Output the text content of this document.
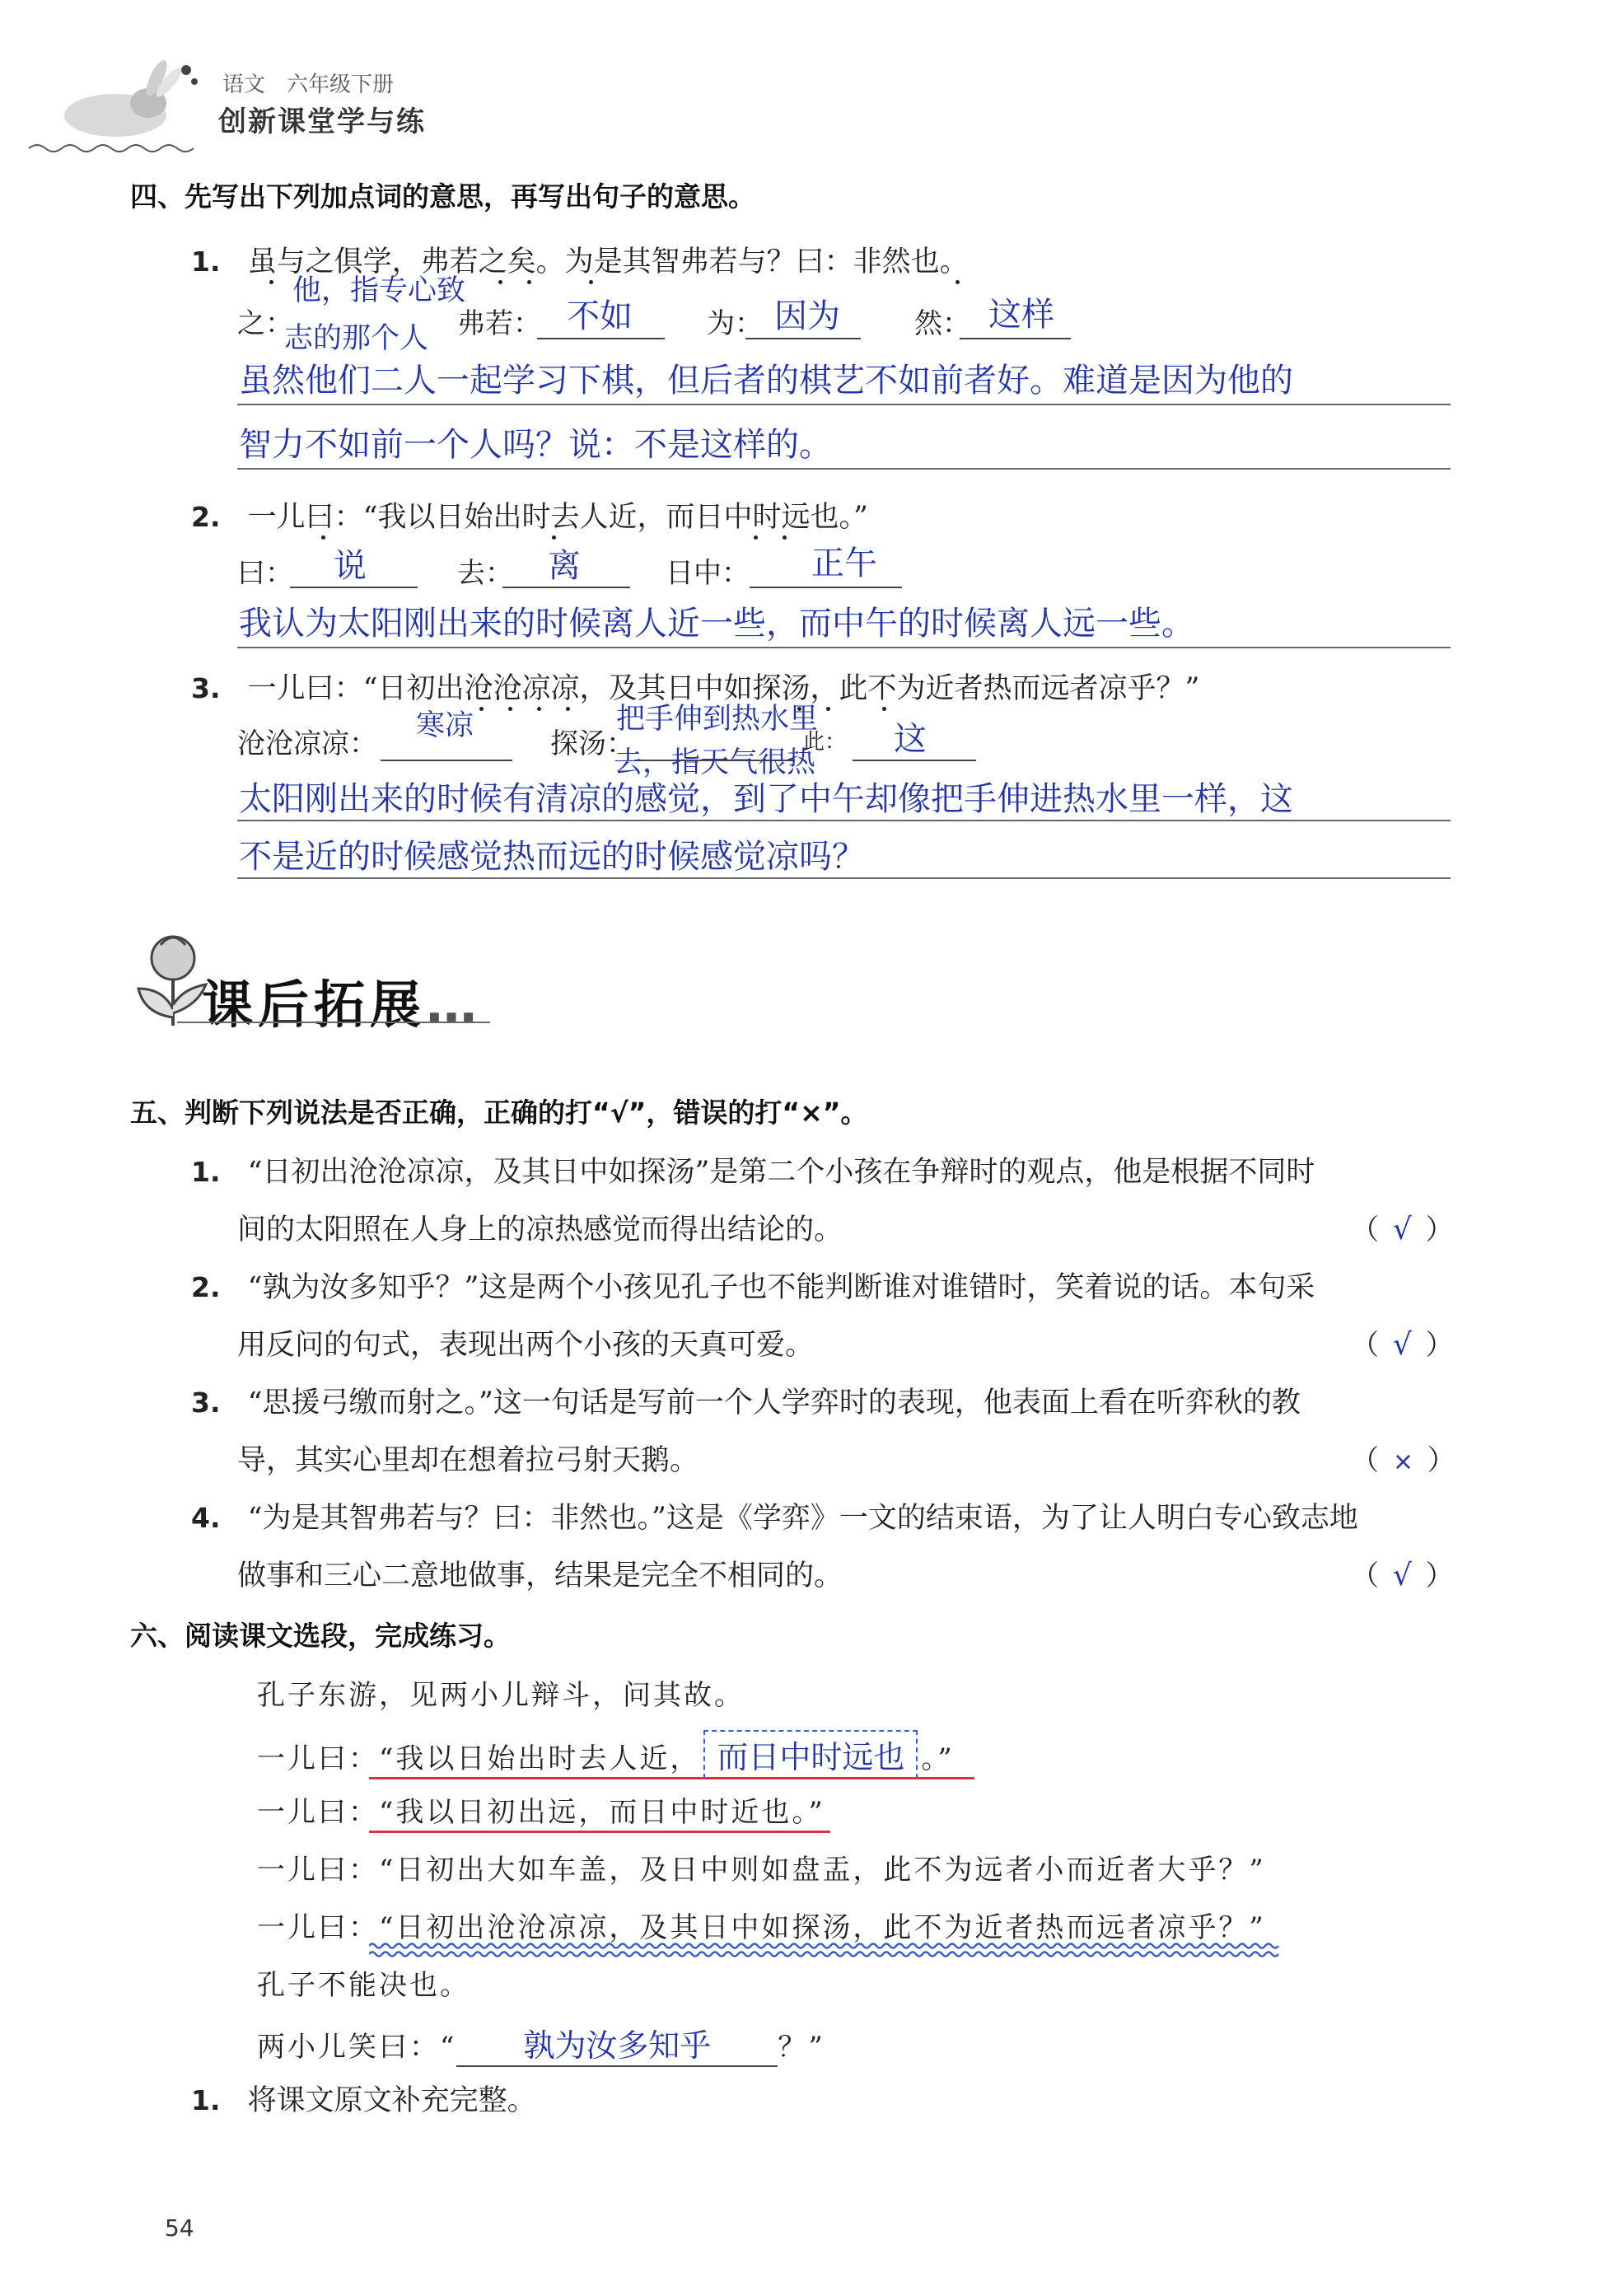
语文　六年级下册
创新课堂学与练
四、先写出下列加点词的意思，再写出句子的意思。
1. 虽与之俱学，弗若之矣。为是其智弗若与？曰：非然也。
之：
他，指专心致
志的那个人 弗若： 不如	为： 因为	然： 这样
虽然他们二人一起学习下棋，但后者的棋艺不如前者好。难道是因为他的
智力不如前一个人吗？说：不是这样的。
2. 一儿曰：“我以日始出时去人近，而日中时远也。”
曰： 说	去： 离	日中： 正午
我认为太阳刚出来的时候离人近一些，而中午的时候离人远一些。
3. 一儿曰：“日初出沧沧凉凉，及其日中如探汤，此不为近者热而远者凉乎？”
沧沧凉凉：
寒凉
探汤：
把手伸到热水里
去，指天气很热
此： 这
太阳刚出来的时候有清凉的感觉，到了中午却像把手伸进热水里一样，这
不是近的时候感觉热而远的时候感觉凉吗？
课后拓展…
五、判断下列说法是否正确，正确的打“√”，错误的打“×”。
1. “日初出沧沧凉凉，及其日中如探汤”是第二个小孩在争辩时的观点，他是根据不同时
间的太阳照在人身上的凉热感觉而得出结论的。	（ √ ）
2. “孰为汝多知乎？”这是两个小孩见孔子也不能判断谁对谁错时，笑着说的话。本句采
用反问的句式，表现出两个小孩的天真可爱。	（ √ ）
3. “思援弓缴而射之。”这一句话是写前一个人学弈时的表现，他表面上看在听弈秋的教
导，其实心里却在想着拉弓射天鹅。	（ × ）
4. “为是其智弗若与？曰：非然也。”这是《学弈》一文的结束语，为了让人明白专心致志地
做事和三心二意地做事，结果是完全不相同的。	（ √ ）
六、阅读课文选段，完成练习。
孔子东游，见两小儿辩斗，问其故。
一儿曰：“我以日始出时去人近， 而日中时远也 。”
一儿曰：“我以日初出远，而日中时近也。”
一儿曰：“日初出大如车盖，及日中则如盘盂，此不为远者小而近者大乎？”
一儿曰：“日初出沧沧凉凉，及其日中如探汤，此不为近者热而远者凉乎？”
孔子不能决也。
两小儿笑曰：“ 孰为汝多知乎 ？”
1. 将课文原文补充完整。
54
